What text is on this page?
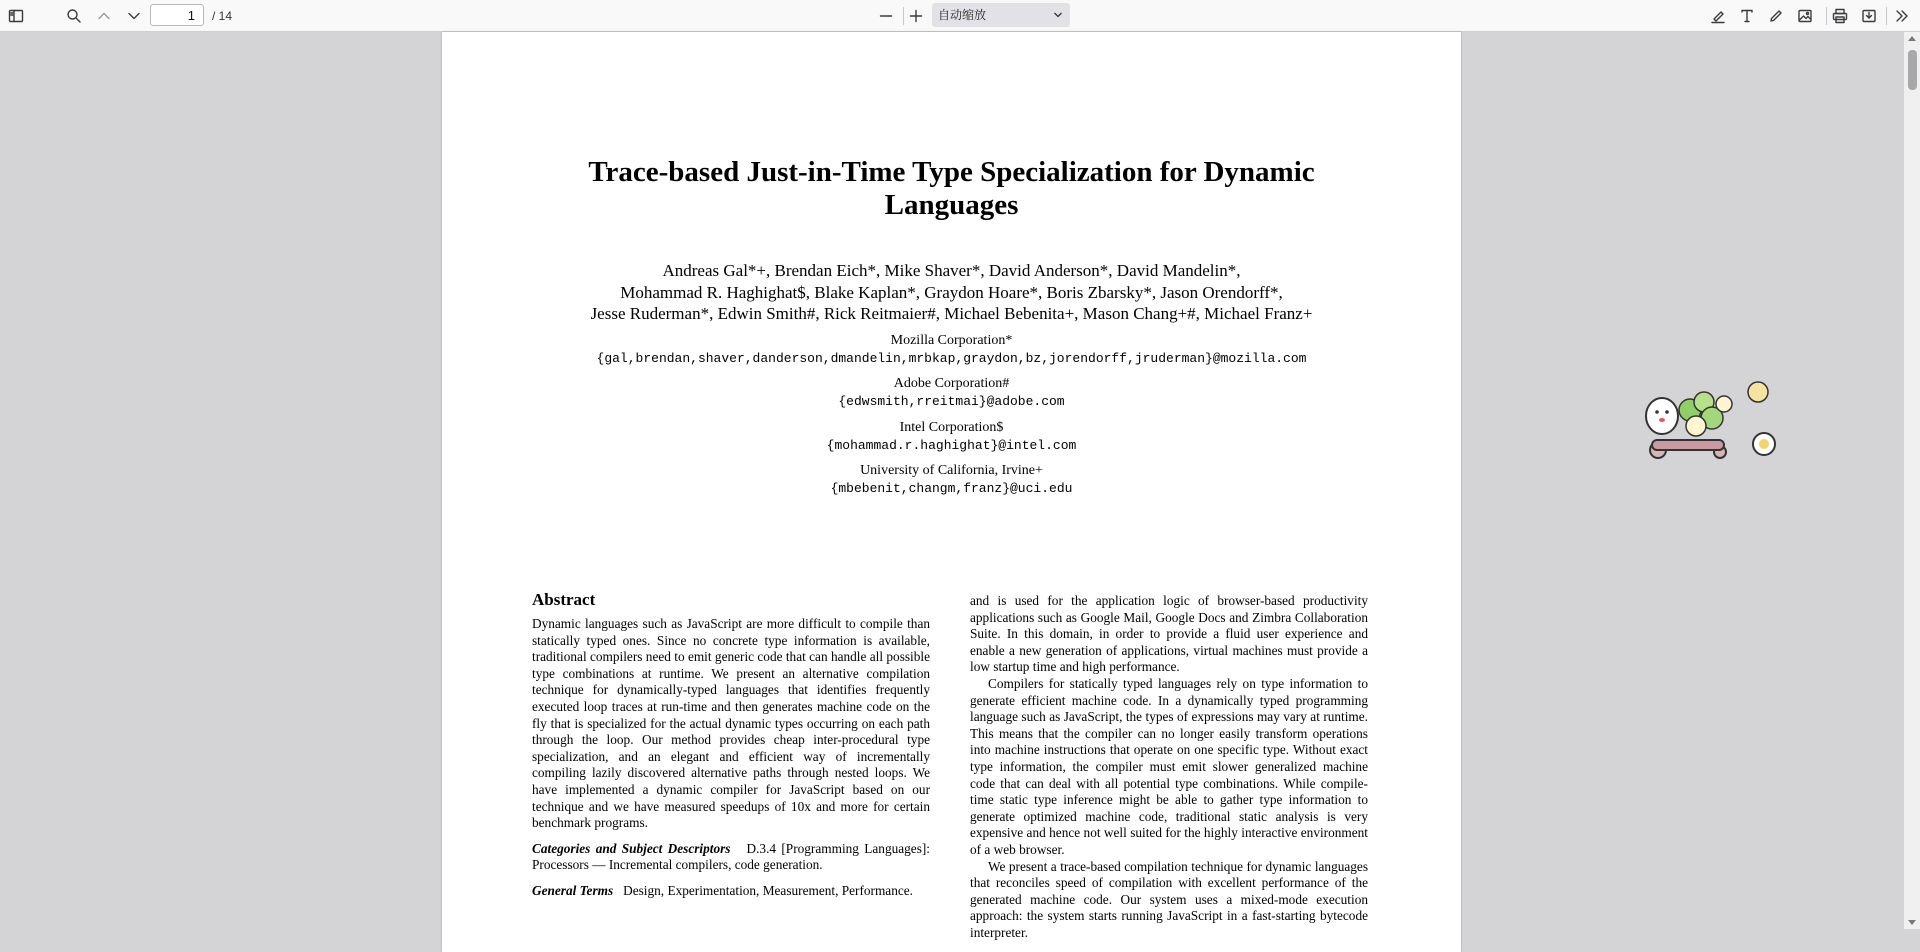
1
/ 14	自动缩放
Trace-based Just-in-Time Type Specialization for Dynamic
Languages
Andreas Gal*+, Brendan Eich*, Mike Shaver*, David Anderson*, David Mandelin*,
Mohammad R. Haghighat$, Blake Kaplan*, Graydon Hoare*, Boris Zbarsky*, Jason Orendorff*,
Jesse Ruderman*, Edwin Smith#, Rick Reitmaier#, Michael Bebenita+, Mason Chang+#, Michael Franz+
Mozilla Corporation*
{gal,brendan,shaver,danderson,dmandelin,mrbkap,graydon,bz,jorendorff,jruderman}@mozilla.com
Adobe Corporation#
{edwsmith,rreitmai}@adobe.com
Intel Corporation$
{mohammad.r.haghighat}@intel.com
University of California, Irvine+
{mbebenit,changm,franz}@uci.edu
Abstract

Dynamic languages such as JavaScript are more difficult to compile than statically typed ones. Since no concrete type information is available, traditional compilers need to emit generic code that can handle all possible type combinations at runtime. We present an alternative compilation technique for dynamically-typed languages that identifies frequently executed loop traces at run-time and then generates machine code on the fly that is specialized for the actual dynamic types occurring on each path through the loop. Our method provides cheap inter-procedural type specialization, and an elegant and efficient way of incrementally compiling lazily discovered alternative paths through nested loops. We have implemented a dynamic compiler for JavaScript based on our technique and we have measured speedups of 10x and more for certain benchmark programs.

Categories and Subject Descriptors D.3.4 [Programming Languages]: Processors — Incremental compilers, code generation.

General Terms Design, Experimentation, Measurement, Performance.

and is used for the application logic of browser-based productivity applications such as Google Mail, Google Docs and Zimbra Collaboration Suite. In this domain, in order to provide a fluid user experience and enable a new generation of applications, virtual machines must provide a low startup time and high performance.

Compilers for statically typed languages rely on type information to generate efficient machine code. In a dynamically typed programming language such as JavaScript, the types of expressions may vary at runtime. This means that the compiler can no longer easily transform operations into machine instructions that operate on one specific type. Without exact type information, the compiler must emit slower generalized machine code that can deal with all potential type combinations. While compile-time static type inference might be able to gather type information to generate optimized machine code, traditional static analysis is very expensive and hence not well suited for the highly interactive environment of a web browser.

We present a trace-based compilation technique for dynamic languages that reconciles speed of compilation with excellent performance of the generated machine code. Our system uses a mixed-mode execution approach: the system starts running JavaScript in a fast-starting bytecode interpreter.
